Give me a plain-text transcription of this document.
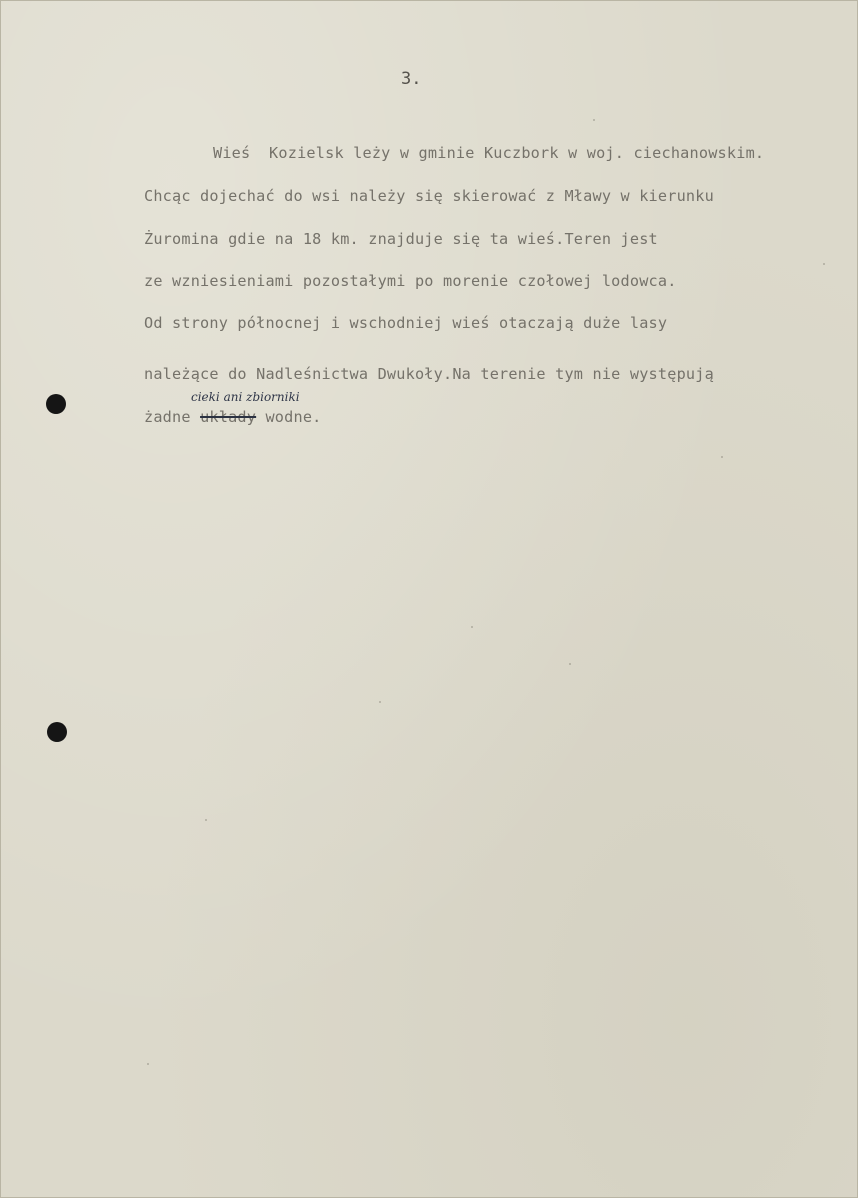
3.
Wieś  Kozielsk leży w gminie Kuczbork w woj. ciechanowskim.
Chcąc dojechać do wsi należy się skierować z Mławy w kierunku
Żuromina gdie na 18 km. znajduje się ta wieś.Teren jest
ze wzniesieniami pozostałymi po morenie czołowej lodowca.
Od strony północnej i wschodniej wieś otaczają duże lasy
należące do Nadleśnictwa Dwukoły.Na terenie tym nie występują
żadne układy wodne.
cieki ani zbiorniki
